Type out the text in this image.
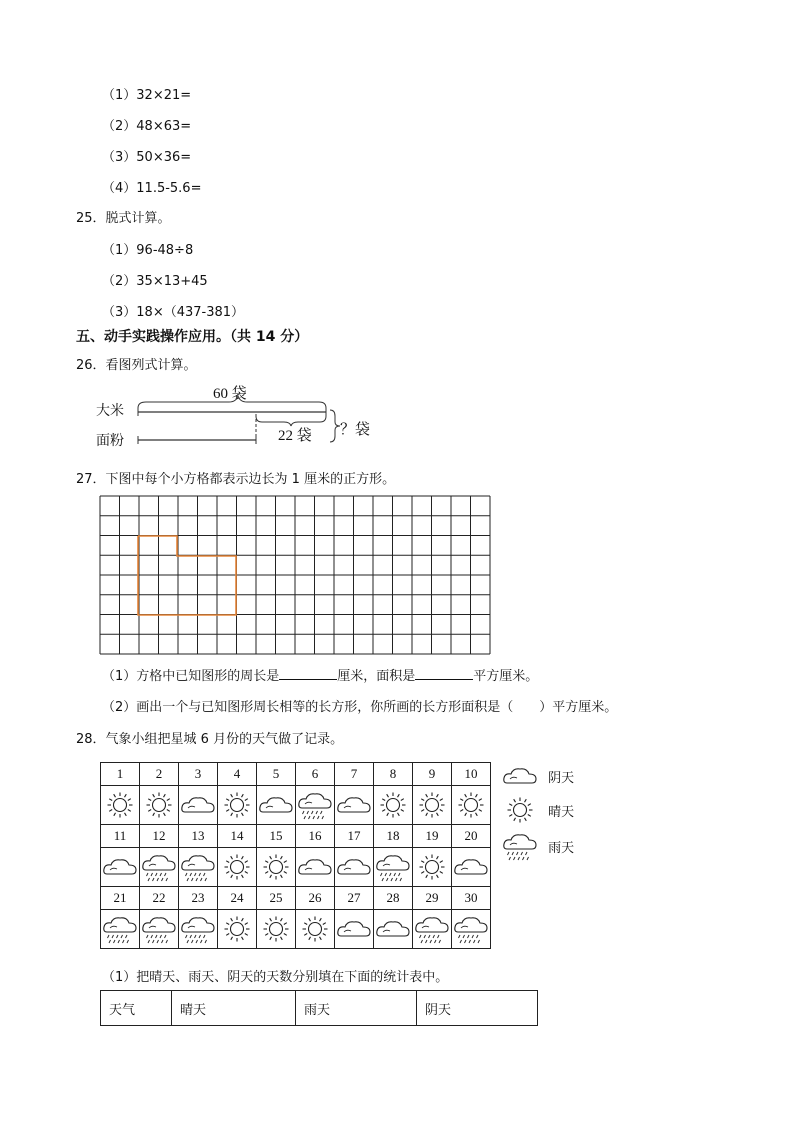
（1）32×21=
（2）48×63=
（3）50×36=
（4）11.5-5.6=
25．脱式计算。
（1）96-48÷8
（2）35×13+45
（3）18×（437-381）
五、动手实践操作应用。（共 14 分）
26．看图列式计算。
大米
面粉
60 袋
22 袋 ？袋
27．下图中每个小方格都表示边长为 1 厘米的正方形。
（1）方格中已知图形的周长是	厘米，面积是	平方厘米。
（2）画出一个与已知图形周长相等的长方形，你所画的长方形面积是（　　）平方厘米。
28．气象小组把星城 6 月份的天气做了记录。
1	2	3	4	5	6	7	8	9	10

11	12	13	14	15	16	17	18	19	20

21	22	23	24	25	26	27	28	29	30

阴天
晴天
雨天
（1）把晴天、雨天、阴天的天数分别填在下面的统计表中。
天气	晴天	雨天	阴天
